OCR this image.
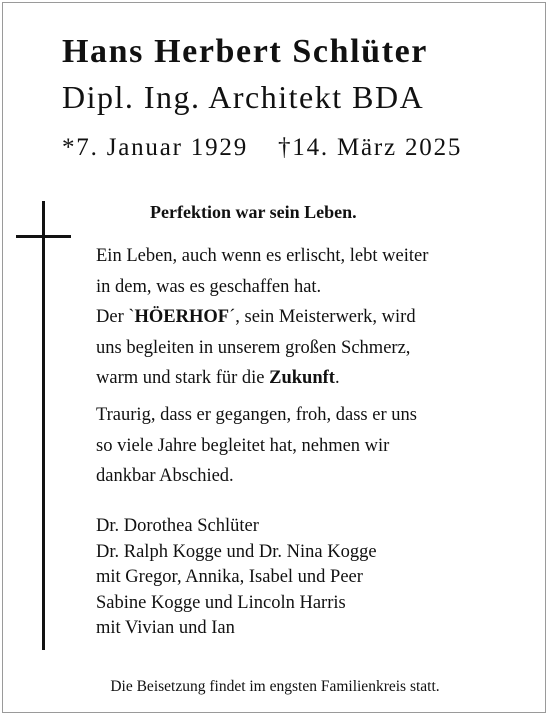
Hans Herbert Schlüter
Dipl. Ing. Architekt BDA
*7. Januar 1929 †14. März 2025
Perfektion war sein Leben.
Ein Leben, auch wenn es erlischt, lebt weiter
in dem, was es geschaffen hat.
Der `HÖERHOF´, sein Meisterwerk, wird
uns begleiten in unserem großen Schmerz,
warm und stark für die Zukunft.
Traurig, dass er gegangen, froh, dass er uns
so viele Jahre begleitet hat, nehmen wir
dankbar Abschied.
Dr. Dorothea Schlüter
Dr. Ralph Kogge und Dr. Nina Kogge
mit Gregor, Annika, Isabel und Peer
Sabine Kogge und Lincoln Harris
mit Vivian und Ian
Die Beisetzung findet im engsten Familienkreis statt.
